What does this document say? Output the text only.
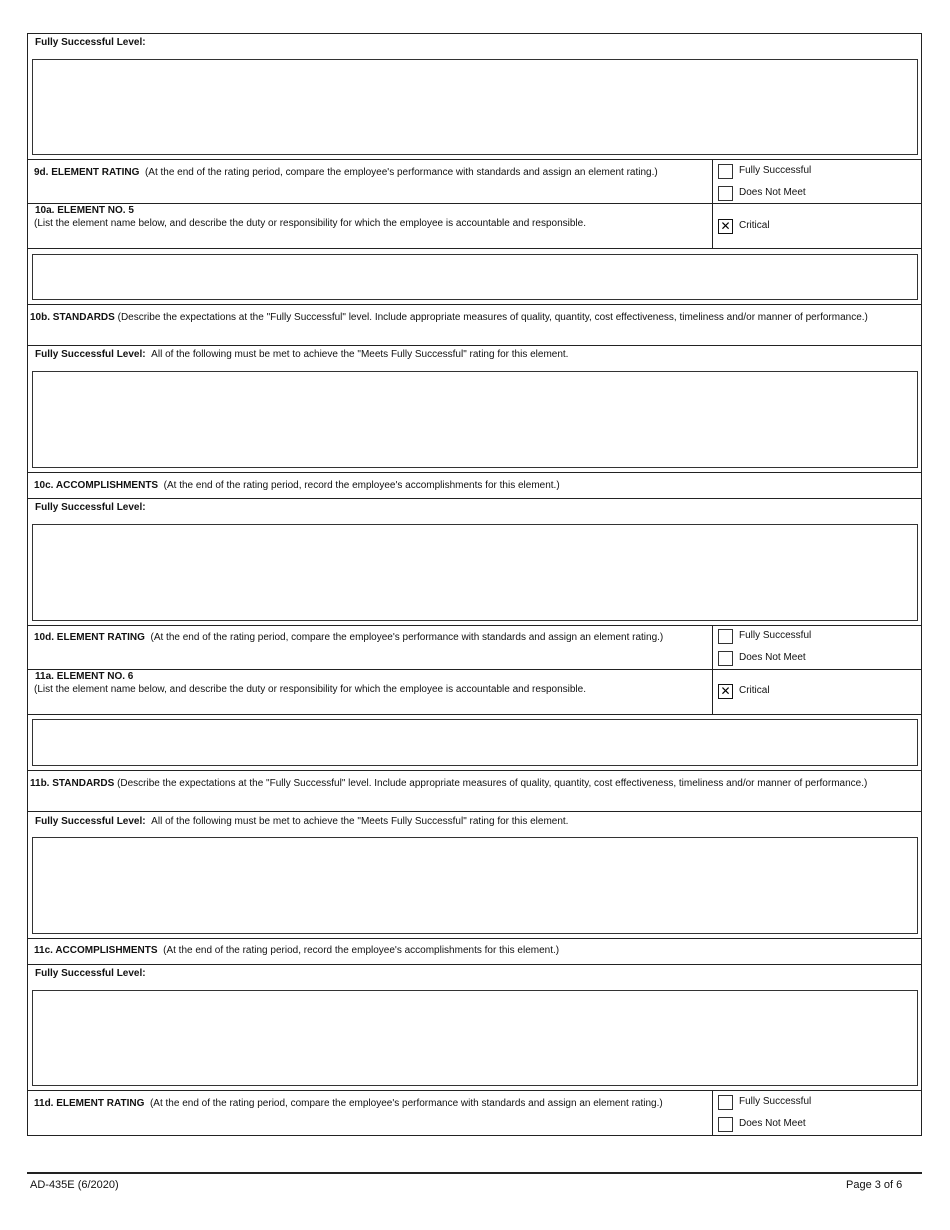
Fully Successful Level:
9d. ELEMENT RATING (At the end of the rating period, compare the employee's performance with standards and assign an element rating.)	Fully Successful
Does Not Meet
10a. ELEMENT NO. 5
(List the element name below, and describe the duty or responsibility for which the employee is accountable and responsible. ✕	Critical
10b. STANDARDS (Describe the expectations at the "Fully Successful" level. Include appropriate measures of quality, quantity, cost effectiveness, timeliness and/or manner of performance.)
Fully Successful Level: All of the following must be met to achieve the "Meets Fully Successful" rating for this element.
10c. ACCOMPLISHMENTS (At the end of the rating period, record the employee's accomplishments for this element.)
Fully Successful Level:
10d. ELEMENT RATING (At the end of the rating period, compare the employee's performance with standards and assign an element rating.)	Fully Successful
Does Not Meet
11a. ELEMENT NO. 6
(List the element name below, and describe the duty or responsibility for which the employee is accountable and responsible. ✕	Critical
11b. STANDARDS (Describe the expectations at the "Fully Successful" level. Include appropriate measures of quality, quantity, cost effectiveness, timeliness and/or manner of performance.)
Fully Successful Level: All of the following must be met to achieve the "Meets Fully Successful" rating for this element.
11c. ACCOMPLISHMENTS (At the end of the rating period, record the employee's accomplishments for this element.)
Fully Successful Level:
11d. ELEMENT RATING (At the end of the rating period, compare the employee's performance with standards and assign an element rating.)	Fully Successful
Does Not Meet
AD-435E (6/2020)	Page 3 of 6
